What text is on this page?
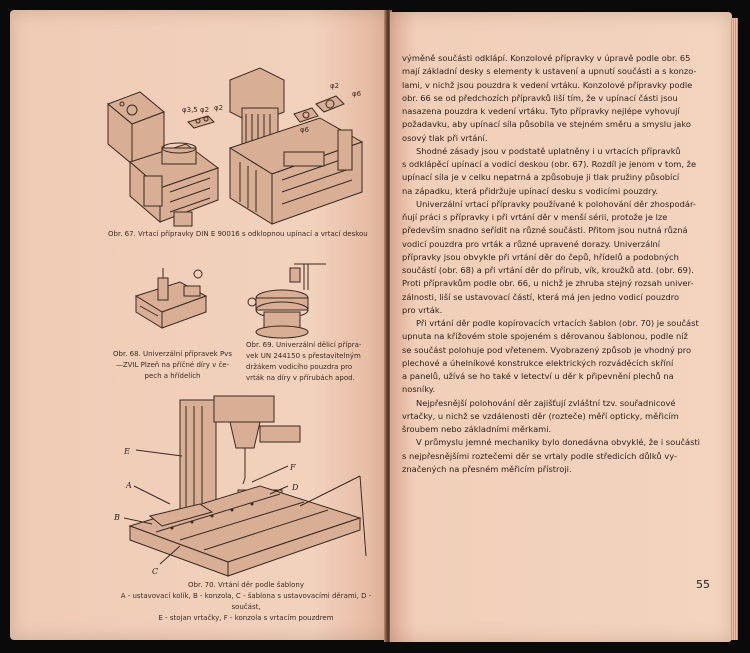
φ3,5 φ2 φ2
φ2
φ6
φ6
Obr. 67. Vrtací přípravky DIN E 90016 s odklopnou upínací a vrtací deskou
Obr. 68. Univerzální přípravek Pvs
—ZVIL Plzeň na příčné díry v če-
pech a hřídelích
Obr. 69. Univerzální dělicí přípra-
vek UN 244150 s přestavitelným
držákem vodicího pouzdra pro
vrták na díry v přírubách apod.
E
F
D
A
B
C
Obr. 70. Vrtání děr podle šablony
A - ustavovací kolík, B - konzola, C - šablona s ustavovacími děrami, D - součást,
E - stojan vrtačky, F - konzola s vrtacím pouzdrem

výměně součásti odklápí. Konzolové přípravky v úpravě podle obr. 65

mají základní desky s elementy k ustavení a upnutí součásti a s konzo-

lami, v nichž jsou pouzdra k vedení vrtáku. Konzolové přípravky podle

obr. 66 se od předchozích přípravků liší tím, že v upínací části jsou

nasazena pouzdra k vedení vrtáku. Tyto přípravky nejlépe vyhovují

požadavku, aby upínací síla působila ve stejném směru a smyslu jako

osový tlak při vrtání.

Shodné zásady jsou v podstatě uplatněny i u vrtacích přípravků

s odklápěcí upínací a vodicí deskou (obr. 67). Rozdíl je jenom v tom, že

upínací síla je v celku nepatrná a způsobuje ji tlak pružiny působící

na západku, která přidržuje upínací desku s vodicími pouzdry.

Univerzální vrtací přípravky používané k polohování děr zhospodár-

ňují práci s přípravky i při vrtání děr v menší sérii, protože je lze

především snadno seřídit na různé součásti. Přitom jsou nutná různá

vodicí pouzdra pro vrták a různé upravené dorazy. Univerzální

přípravky jsou obvykle při vrtání děr do čepů, hřídelů a podobných

součástí (obr. 68) a při vrtání děr do přírub, vík, kroužků atd. (obr. 69).

Proti přípravkům podle obr. 66, u nichž je zhruba stejný rozsah univer-

zálnosti, liší se ustavovací částí, která má jen jedno vodicí pouzdro

pro vrták.

Při vrtání děr podle kopírovacích vrtacích šablon (obr. 70) je součást

upnuta na křížovém stole spojeném s děrovanou šablonou, podle níž

se součást polohuje pod vřetenem. Vyobrazený způsob je vhodný pro

plechové a úhelníkové konstrukce elektrických rozváděcích skříní

a panelů, užívá se ho také v letectví u děr k připevnění plechů na

nosníky.

Nejpřesnější polohování děr zajišťují zvláštní tzv. souřadnicové

vrtačky, u nichž se vzdálenosti děr (rozteče) měří opticky, měřicím

šroubem nebo základními měrkami.

V průmyslu jemné mechaniky bylo donedávna obvyklé, že i součásti

s nejpřesnějšími roztečemi děr se vrtaly podle středicích důlků vy-

značených na přesném měřicím přístroji.

55
